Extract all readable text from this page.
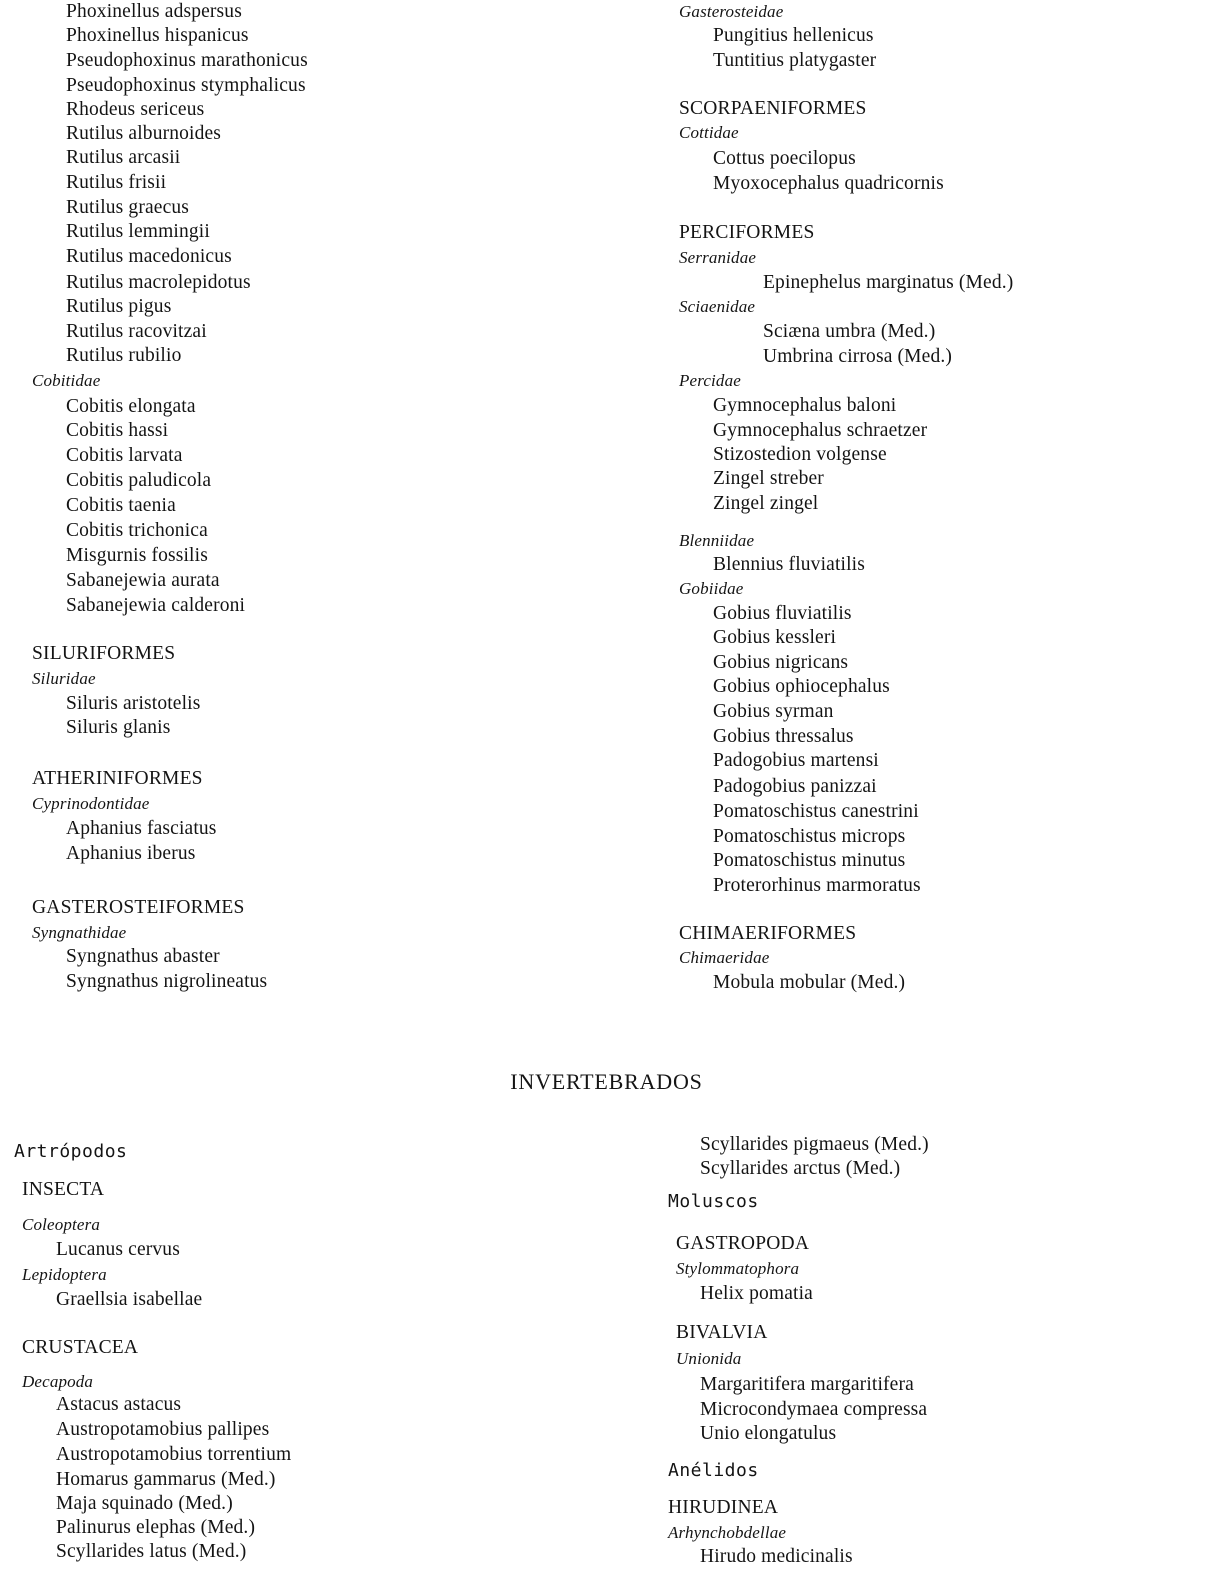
Phoxinellus adspersus
Phoxinellus hispanicus
Pseudophoxinus marathonicus
Pseudophoxinus stymphalicus
Rhodeus sericeus
Rutilus alburnoides
Rutilus arcasii
Rutilus frisii
Rutilus graecus
Rutilus lemmingii
Rutilus macedonicus
Rutilus macrolepidotus
Rutilus pigus
Rutilus racovitzai
Rutilus rubilio
Cobitidae
Cobitis elongata
Cobitis hassi
Cobitis larvata
Cobitis paludicola
Cobitis taenia
Cobitis trichonica
Misgurnis fossilis
Sabanejewia aurata
Sabanejewia calderoni
SILURIFORMES
Siluridae
Siluris aristotelis
Siluris glanis
ATHERINIFORMES
Cyprinodontidae
Aphanius fasciatus
Aphanius iberus
GASTEROSTEIFORMES
Syngnathidae
Syngnathus abaster
Syngnathus nigrolineatus
Gasterosteidae
Pungitius hellenicus
Tuntitius platygaster
SCORPAENIFORMES
Cottidae
Cottus poecilopus
Myoxocephalus quadricornis
PERCIFORMES
Serranidae
Epinephelus marginatus (Med.)
Sciaenidae
Sciæna umbra (Med.)
Umbrina cirrosa (Med.)
Percidae
Gymnocephalus baloni
Gymnocephalus schraetzer
Stizostedion volgense
Zingel streber
Zingel zingel
Blenniidae
Blennius fluviatilis
Gobiidae
Gobius fluviatilis
Gobius kessleri
Gobius nigricans
Gobius ophiocephalus
Gobius syrman
Gobius thressalus
Padogobius martensi
Padogobius panizzai
Pomatoschistus canestrini
Pomatoschistus microps
Pomatoschistus minutus
Proterorhinus marmoratus
CHIMAERIFORMES
Chimaeridae
Mobula mobular (Med.)
INVERTEBRADOS
Artrópodos
INSECTA
Coleoptera
Lucanus cervus
Lepidoptera
Graellsia isabellae
CRUSTACEA
Decapoda
Astacus astacus
Austropotamobius pallipes
Austropotamobius torrentium
Homarus gammarus (Med.)
Maja squinado (Med.)
Palinurus elephas (Med.)
Scyllarides latus (Med.)
Scyllarides pigmaeus (Med.)
Scyllarides arctus (Med.)
Moluscos
GASTROPODA
Stylommatophora
Helix pomatia
BIVALVIA
Unionida
Margaritifera margaritifera
Microcondymaea compressa
Unio elongatulus
Anélidos
HIRUDINEA
Arhynchobdellae
Hirudo medicinalis
